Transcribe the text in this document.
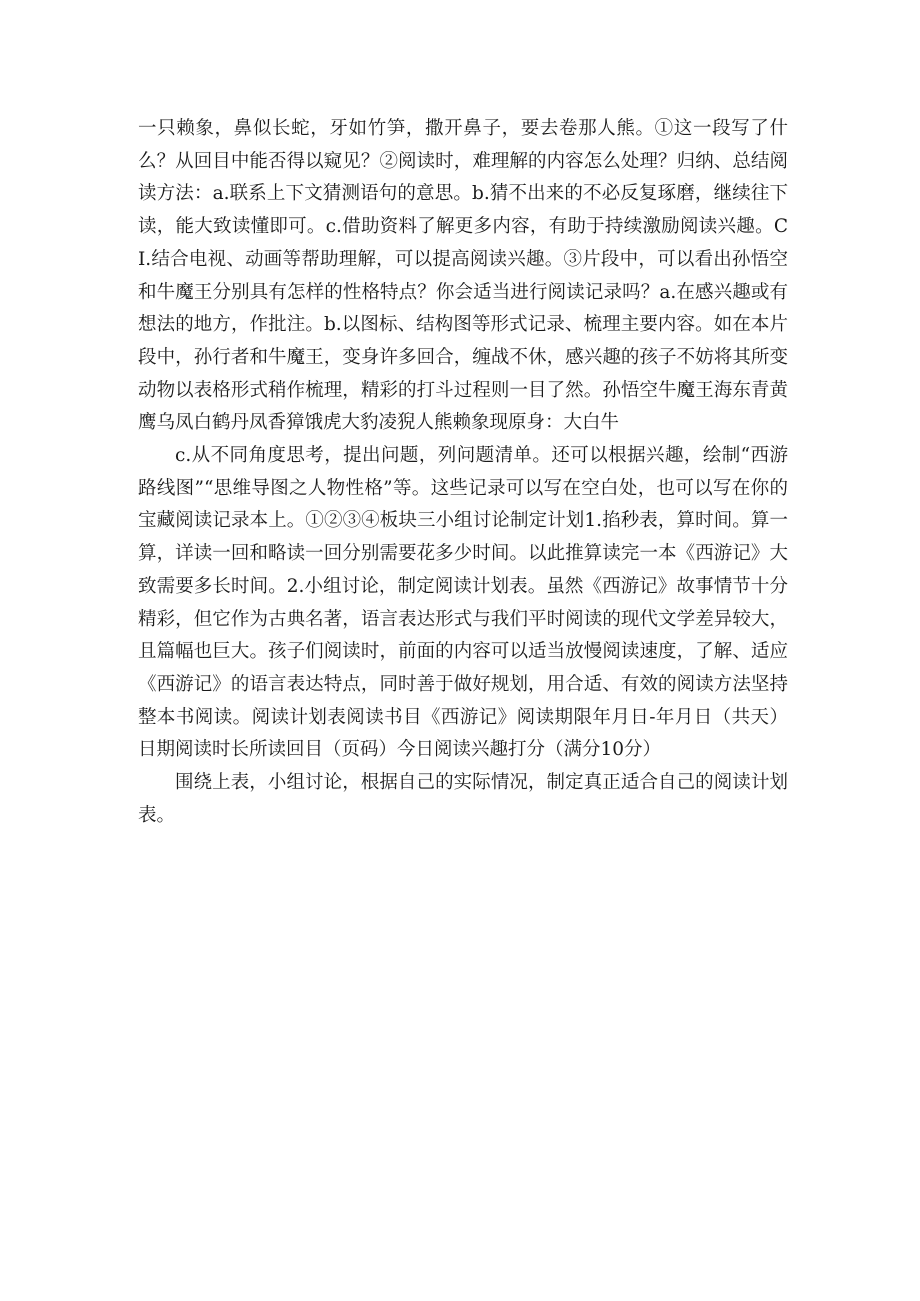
一只赖象，鼻似长蛇，牙如竹笋，撒开鼻子，要去卷那人熊。①这一段写了什么？从回目中能否得以窥见？②阅读时，难理解的内容怎么处理？归纳、总结阅读方法：a.联系上下文猜测语句的意思。b.猜不出来的不必反复琢磨，继续往下读，能大致读懂即可。c.借助资料了解更多内容，有助于持续激励阅读兴趣。CI.结合电视、动画等帮助理解，可以提高阅读兴趣。③片段中，可以看出孙悟空和牛魔王分别具有怎样的性格特点？你会适当进行阅读记录吗？a.在感兴趣或有想法的地方，作批注。b.以图标、结构图等形式记录、梳理主要内容。如在本片段中，孙行者和牛魔王，变身许多回合，缠战不休，感兴趣的孩子不妨将其所变动物以表格形式稍作梳理，精彩的打斗过程则一目了然。孙悟空牛魔王海东青黄鹰乌凤白鹤丹凤香獐饿虎大豹凌猊人熊赖象现原身：大白牛

c.从不同角度思考，提出问题，列问题清单。还可以根据兴趣，绘制“西游路线图”“思维导图之人物性格”等。这些记录可以写在空白处，也可以写在你的宝藏阅读记录本上。①②③④板块三小组讨论制定计划1.掐秒表，算时间。算一算，详读一回和略读一回分别需要花多少时间。以此推算读完一本《西游记》大致需要多长时间。2.小组讨论，制定阅读计划表。虽然《西游记》故事情节十分精彩，但它作为古典名著，语言表达形式与我们平时阅读的现代文学差异较大，且篇幅也巨大。孩子们阅读时，前面的内容可以适当放慢阅读速度，了解、适应《西游记》的语言表达特点，同时善于做好规划，用合适、有效的阅读方法坚持整本书阅读。阅读计划表阅读书目《西游记》阅读期限年月日-年月日（共天）日期阅读时长所读回目（页码）今日阅读兴趣打分（满分10分）

围绕上表，小组讨论，根据自己的实际情况，制定真正适合自己的阅读计划表。
